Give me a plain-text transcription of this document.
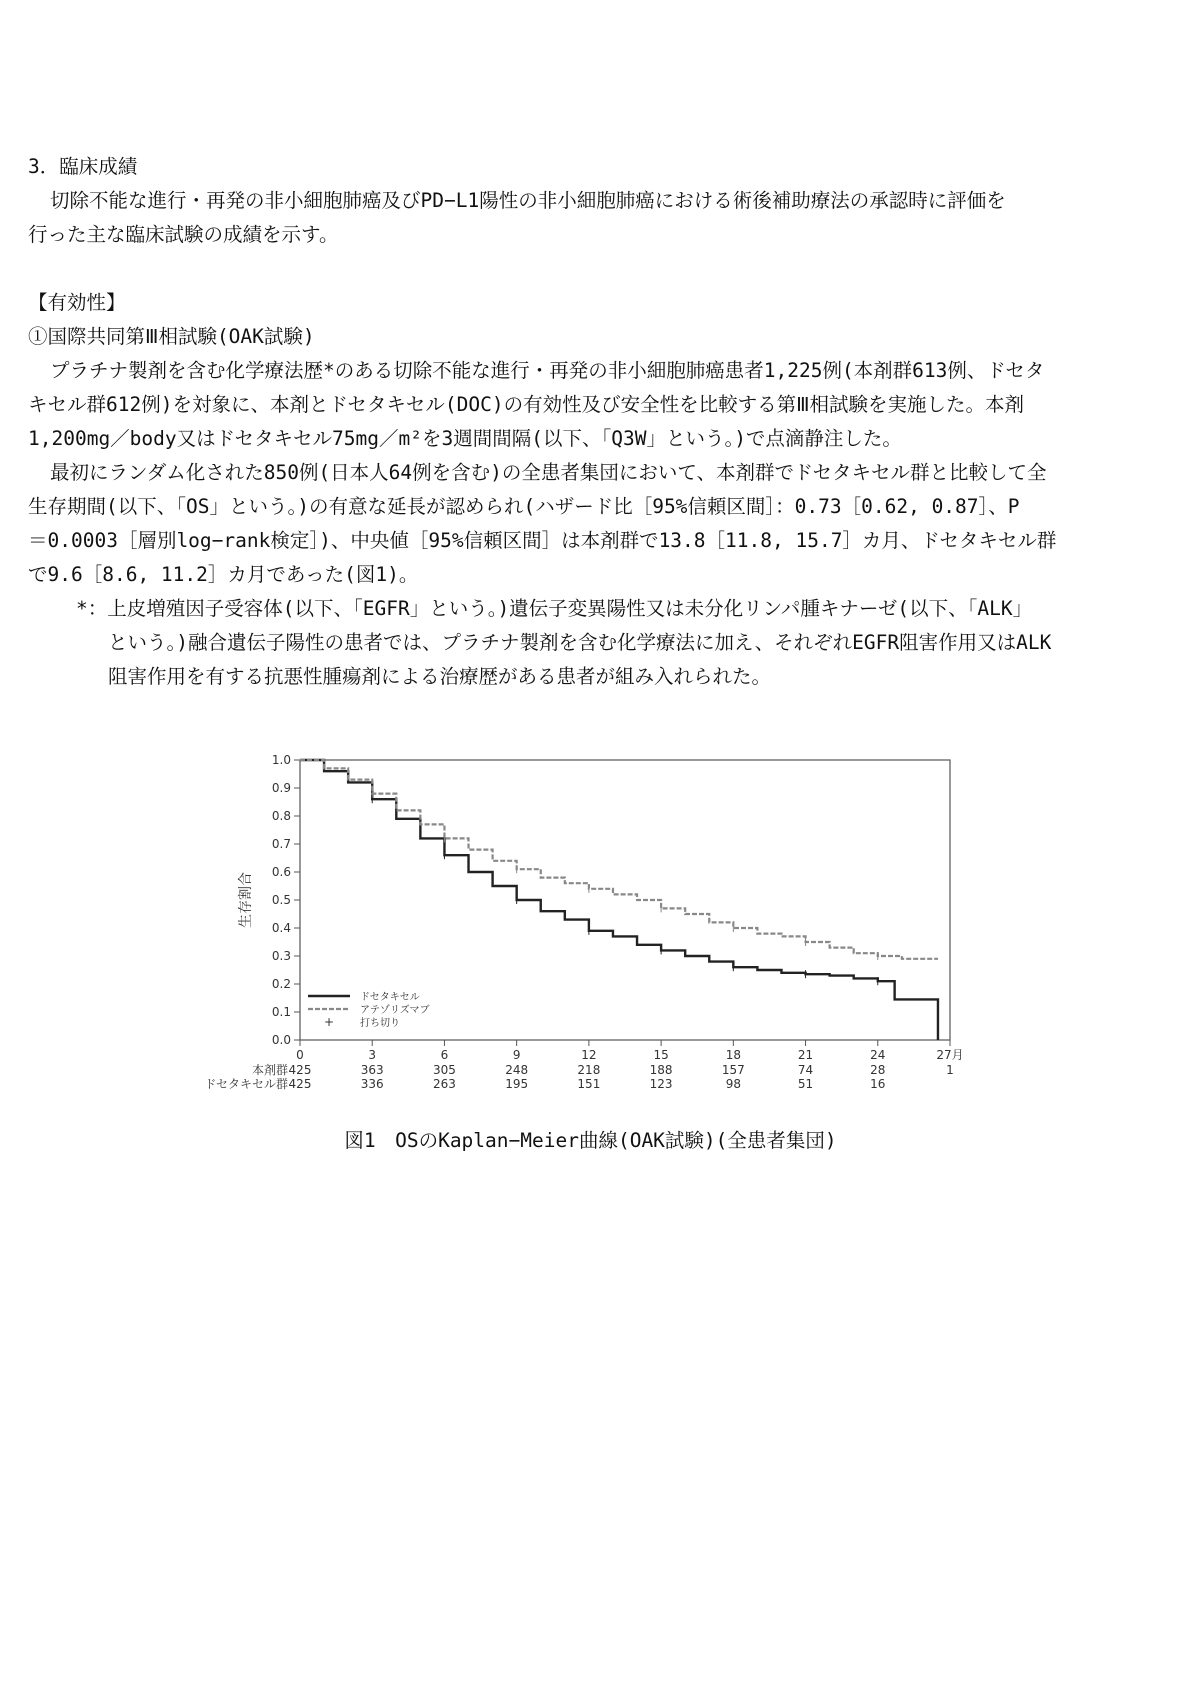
3．臨床成績
切除不能な進行・再発の非小細胞肺癌及びPD−L1陽性の非小細胞肺癌における術後補助療法の承認時に評価を
行った主な臨床試験の成績を示す。
【有効性】
①国際共同第Ⅲ相試験(OAK試験)
プラチナ製剤を含む化学療法歴*のある切除不能な進行・再発の非小細胞肺癌患者1,225例(本剤群613例、ドセタ
キセル群612例)を対象に、本剤とドセタキセル(DOC)の有効性及び安全性を比較する第Ⅲ相試験を実施した。本剤
1,200mg／body又はドセタキセル75mg／m²を3週間間隔(以下、「Q3W」という。)で点滴静注した。
最初にランダム化された850例(日本人64例を含む)の全患者集団において、本剤群でドセタキセル群と比較して全
生存期間(以下、「OS」という。)の有意な延長が認められ(ハザード比［95%信頼区間］：0.73［0.62, 0.87］、P
＝0.0003［層別log−rank検定］)、中央値［95%信頼区間］は本剤群で13.8［11.8, 15.7］カ月、ドセタキセル群
で9.6［8.6, 11.2］カ月であった(図1)。
*：上皮増殖因子受容体(以下、「EGFR」という。)遺伝子変異陽性又は未分化リンパ腫キナーゼ(以下、「ALK」
という。)融合遺伝子陽性の患者では、プラチナ製剤を含む化学療法に加え、それぞれEGFR阻害作用又はALK
阻害作用を有する抗悪性腫瘍剤による治療歴がある患者が組み入れられた。
0.0
0.1
0.2
0.3
0.4
0.5
0.6
0.7
0.8
0.9
1.0
生存割合
0	3	6	9	12	15	18	21	24	27月
ドセタキセル
アテゾリズマブ
+	打ち切り
本剤群 425	363	305	248	218	188	157	74	28	1
ドセタキセル群 425	336	263	195	151	123	98	51	16
図1　OSのKaplan−Meier曲線(OAK試験)(全患者集団)
